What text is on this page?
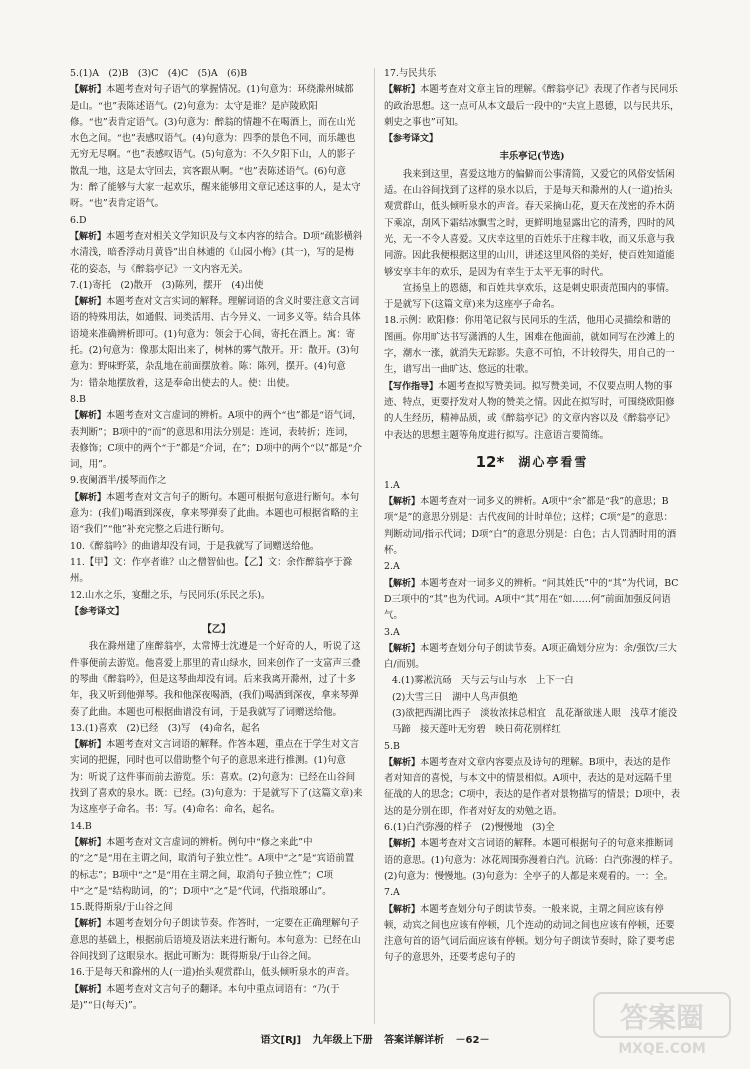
5.(1)A　(2)B　(3)C　(4)C　(5)A　(6)B

【解析】本题考查对句子语气的掌握情况。(1)句意为：环绕滁州城都是山。“也”表陈述语气。(2)句意为：太守是谁？是庐陵欧阳修。“也”表肯定语气。(3)句意为：醉翁的情趣不在喝酒上，而在山光水色之间。“也”表感叹语气。(4)句意为：四季的景色不同，而乐趣也无穷无尽啊。“也”表感叹语气。(5)句意为：不久夕阳下山，人的影子散乱一地，这是太守回去，宾客跟从啊。“也”表陈述语气。(6)句意为：醉了能够与大家一起欢乐，醒来能够用文章记述这事的人，是太守呀。“也”表肯定语气。

6.D

【解析】本题考查对相关文学知识及与文本内容的结合。D项“疏影横斜水清浅，暗香浮动月黄昏”出自林逋的《山园小梅》(其一)，写的是梅花的姿态，与《醉翁亭记》一文内容无关。

7.(1)寄托　(2)散开　(3)陈列，摆开　(4)出使

【解析】本题考查对文言实词的解释。理解词语的含义时要注意文言词语的特殊用法，如通假、词类活用、古今异义、一词多义等。结合具体语境来准确辨析即可。(1)句意为：领会于心间，寄托在酒上。寓：寄托。(2)句意为：像那太阳出来了，树林的雾气散开。开：散开。(3)句意为：野味野菜，杂乱地在前面摆放着。陈：陈列，摆开。(4)句意为：错杂地摆放着，这是奉命出使去的人。使：出使。

8.B

【解析】本题考查对文言虚词的辨析。A项中的两个“也”都是“语气词，表判断”；B项中的“而”的意思和用法分别是：连词，表转折；连词，表修饰；C项中的两个“于”都是“介词，在”；D项中的两个“以”都是“介词，用”。

9.夜阑酒半/援琴而作之

【解析】本题考查对文言句子的断句。本题可根据句意进行断句。本句意为：(我们)喝酒到深夜，拿来琴弹奏了此曲。本题也可根据省略的主语“我们”“他”补充完整之后进行断句。

10.《醉翁吟》的曲谱却没有词，于是我就写了词赠送给他。

11.【甲】文：作亭者谁？山之僧智仙也。【乙】文：余作醉翁亭于滁州。

12.山水之乐，宴酣之乐，与民同乐(乐民之乐)。

【参考译文】

【乙】

　　我在滁州建了座醉翁亭，太常博士沈遵是一个好奇的人，听说了这件事便前去游览。他喜爱上那里的青山绿水，回来创作了一支富声三叠的琴曲《醉翁吟》，但是这琴曲却没有词。后来我离开滁州，过了十多年，我又听到他弹琴。我和他深夜喝酒，(我们)喝酒到深夜，拿来琴弹奏了此曲。本题也可根据曲谱没有词，于是我就写了词赠送给他。

13.(1)喜欢　(2)已经　(3)写　(4)命名，起名

【解析】本题考查对文言词语的解释。作答本题，重点在于学生对文言实词的把握，同时也可以借助整个句子的意思来进行推测。(1)句意为：听说了这件事而前去游览。乐：喜欢。(2)句意为：已经在山谷间找到了喜欢的泉水。既：已经。(3)句意为：于是就写下了(这篇文章)来为这座亭子命名。书：写。(4)命名：命名，起名。

14.B

【解析】本题考查对文言虚词的辨析。例句中“修之来此”中的“之”是“用在主谓之间，取消句子独立性”。A项中“之”是“宾语前置的标志”；B项中“之”是“用在主谓之间，取消句子独立性”；C项中“之”是“结构助词，的”；D项中“之”是“代词，代指琅琊山”。

15.既得斯泉/于山谷之间

【解析】本题考查划分句子朗读节奏。作答时，一定要在正确理解句子意思的基础上，根据前后语境及语法来进行断句。本句意为：已经在山谷间找到了这眼泉水。据此可断为：既得斯泉/于山谷之间。

16.于是每天和滁州的人(一道)抬头观赏群山，低头倾听泉水的声音。

【解析】本题考查对文言句子的翻译。本句中重点词语有：“乃(于是)”“日(每天)”。

17.与民共乐

【解析】本题考查对文章主旨的理解。《醉翁亭记》表现了作者与民同乐的政治思想。这一点可从本文最后一段中的“夫宣上恩德，以与民共乐，刺史之事也”可知。

【参考译文】

丰乐亭记(节选)

　　我来到这里，喜爱这地方的偏僻而公事清简，又爱它的风俗安恬闲适。在山谷间找到了这样的泉水以后，于是每天和滁州的人(一道)抬头观赏群山，低头倾听泉水的声音。春天采摘山花，夏天在茂密的乔木荫下乘凉，刮风下霜结冰飘雪之时，更鲜明地显露出它的清秀，四时的风光，无一不令人喜爱。又庆幸这里的百姓乐于庄稼丰收，而又乐意与我同游。因此我便根据这里的山川，讲述这里风俗的美好，使百姓知道能够安享丰年的欢乐，是因为有幸生于太平无事的时代。

　　宣扬皇上的恩德，和百姓共享欢乐，这是刺史职责范围内的事情。于是就写下(这篇文章)来为这座亭子命名。

18.示例：欧阳修：你用笔记叙与民同乐的生活，他用心灵描绘和谐的图画。你用旷达书写潇洒的人生，困难在他面前，就如同写在沙滩上的字，潮水一涨，就消失无踪影。失意不可怕，不计较得失，用自己的一生，谱写出一曲旷达、悠远的壮歌。

【写作指导】本题考查拟写赞美词。拟写赞美词，不仅要点明人物的事迹、特点，更要抒发对人物的赞美之情。因此在拟写时，可围绕欧阳修的人生经历，精神品质，或《醉翁亭记》的文章内容以及《醉翁亭记》中表达的思想主题等角度进行拟写。注意语言要简练。

12* 湖心亭看雪

1.A

【解析】本题考查对一词多义的辨析。A项中“余”都是“我”的意思；B项“是”的意思分别是：古代夜间的计时单位；这样；C项“是”的意思：判断动词/指示代词；D项“白”的意思分别是：白色；古人罚酒时用的酒杯。

2.A

【解析】本题考查对一词多义的辨析。“问其姓氏”中的“其”为代词，BCD三项中的“其”也为代词。A项中“其”用在“如……何”前面加强反问语气。

3.A

【解析】本题考查划分句子朗读节奏。A项正确划分应为：余/强饮/三大白/而别。

4.(1)雾凇沆砀　天与云与山与水　上下一白

(2)大雪三日　湖中人鸟声俱绝

(3)欲把西湖比西子　淡妆浓抹总相宜　乱花渐欲迷人眼　浅草才能没马蹄　接天莲叶无穷碧　映日荷花别样红

5.B

【解析】本题考查对文章内容要点及诗句的理解。B项中，表达的是作者对知音的喜悦，与本文中的情景相似。A项中，表达的是对远隔千里征战的人的思念；C项中，表达的是作者对景物描写的情景；D项中，表达的是分别在即，作者对好友的劝勉之语。

6.(1)白汽弥漫的样子　(2)慢慢地　(3)全

【解析】本题考查对文言词语的解释。本题可根据句子的句意来推断词语的意思。(1)句意为：冰花周围弥漫着白汽。沆砀：白汽弥漫的样子。(2)句意为：慢慢地。(3)句意为：全亭子的人都是来观看的。一：全。

7.A

【解析】本题考查划分句子朗读节奏。一般来说，主谓之间应该有停顿，动宾之间也应该有停顿，几个连动的动词之间也应该有停顿，还要注意句首的语气词后面应该有停顿。划分句子朗读节奏时，除了要考虑句子的意思外，还要考虑句子的

语文[RJ] 九年级上下册 答案详解详析 －62－
答案圈
MXQE.COM
